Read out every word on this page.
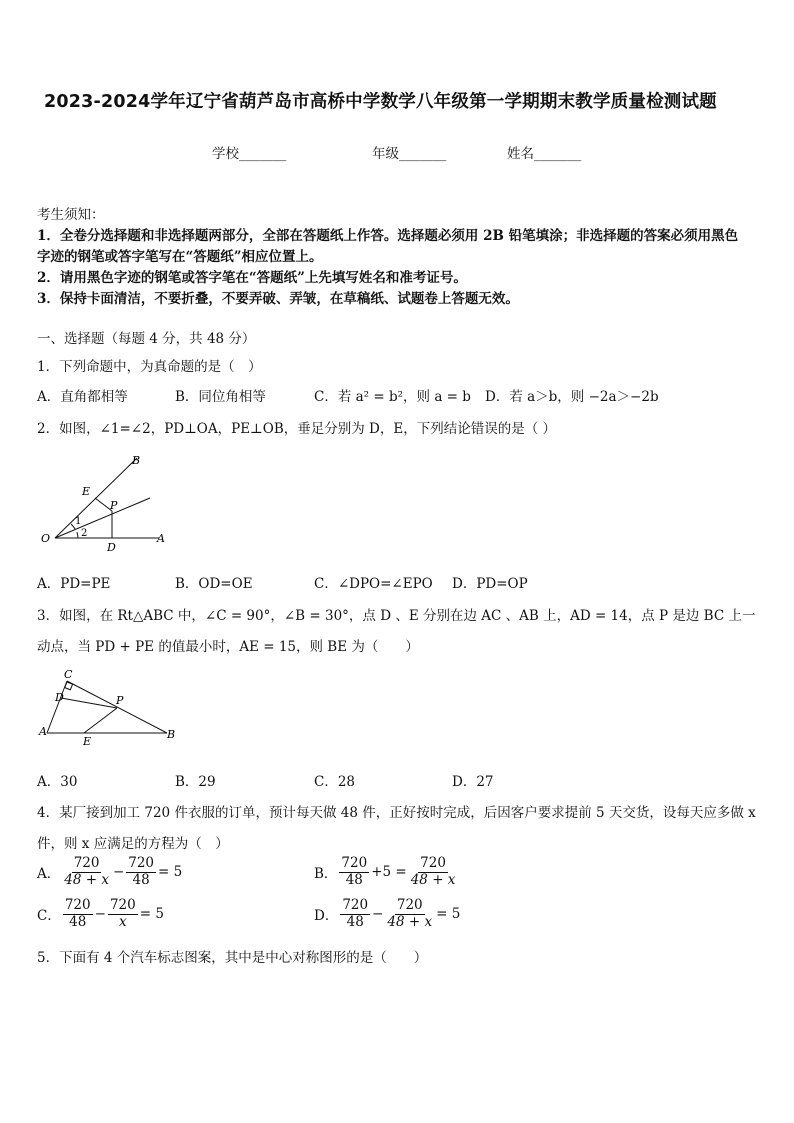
2023-2024学年辽宁省葫芦岛市高桥中学数学八年级第一学期期末教学质量检测试题
学校_______	年级_______	姓名_______
考生须知：
1．全卷分选择题和非选择题两部分，全部在答题纸上作答。选择题必须用 2B 铅笔填涂；非选择题的答案必须用黑色
字迹的钢笔或答字笔写在“答题纸”相应位置上。
2．请用黑色字迹的钢笔或答字笔在“答题纸”上先填写姓名和准考证号。
3．保持卡面清洁，不要折叠，不要弄破、弄皱，在草稿纸、试题卷上答题无效。
一、选择题（每题 4 分，共 48 分）
1．下列命题中，为真命题的是（　）
A．直角都相等	B．同位角相等	C．若 a² = b²，则 a = b D．若 a＞b，则 −2a＞−2b
2．如图，∠1=∠2，PD⊥OA，PE⊥OB，垂足分别为 D，E，下列结论错误的是（ ）
B
E
P
1
2
O
D
A
A．PD=PE	B．OD=OE	C．∠DPO=∠EPO D．PD=OP
3．如图，在 Rt△ABC 中，∠C = 90°，∠B = 30°，点 D 、E 分别在边 AC 、AB 上，AD = 14，点 P 是边 BC 上一
动点，当 PD + PE 的值最小时，AE = 15，则 BE 为（　　）
C
D	P
A
E
B
A．30	B．29	C．28	D．27
4．某厂接到加工 720 件衣服的订单，预计每天做 48 件，正好按时完成，后因客户要求提前 5 天交货，设每天应多做 x
件，则 x 应满足的方程为（　）
A． $\frac{720}{48 + x} - \frac{720}{48} = 5$	B． $\frac{720}{48} +5 = \frac{720}{48 + x}$
C． $\frac{720}{48} - \frac{720}{x} = 5$	D． $\frac{720}{48} - \frac{720}{48 + x} = 5$
5．下面有 4 个汽车标志图案，其中是中心对称图形的是（　　）
